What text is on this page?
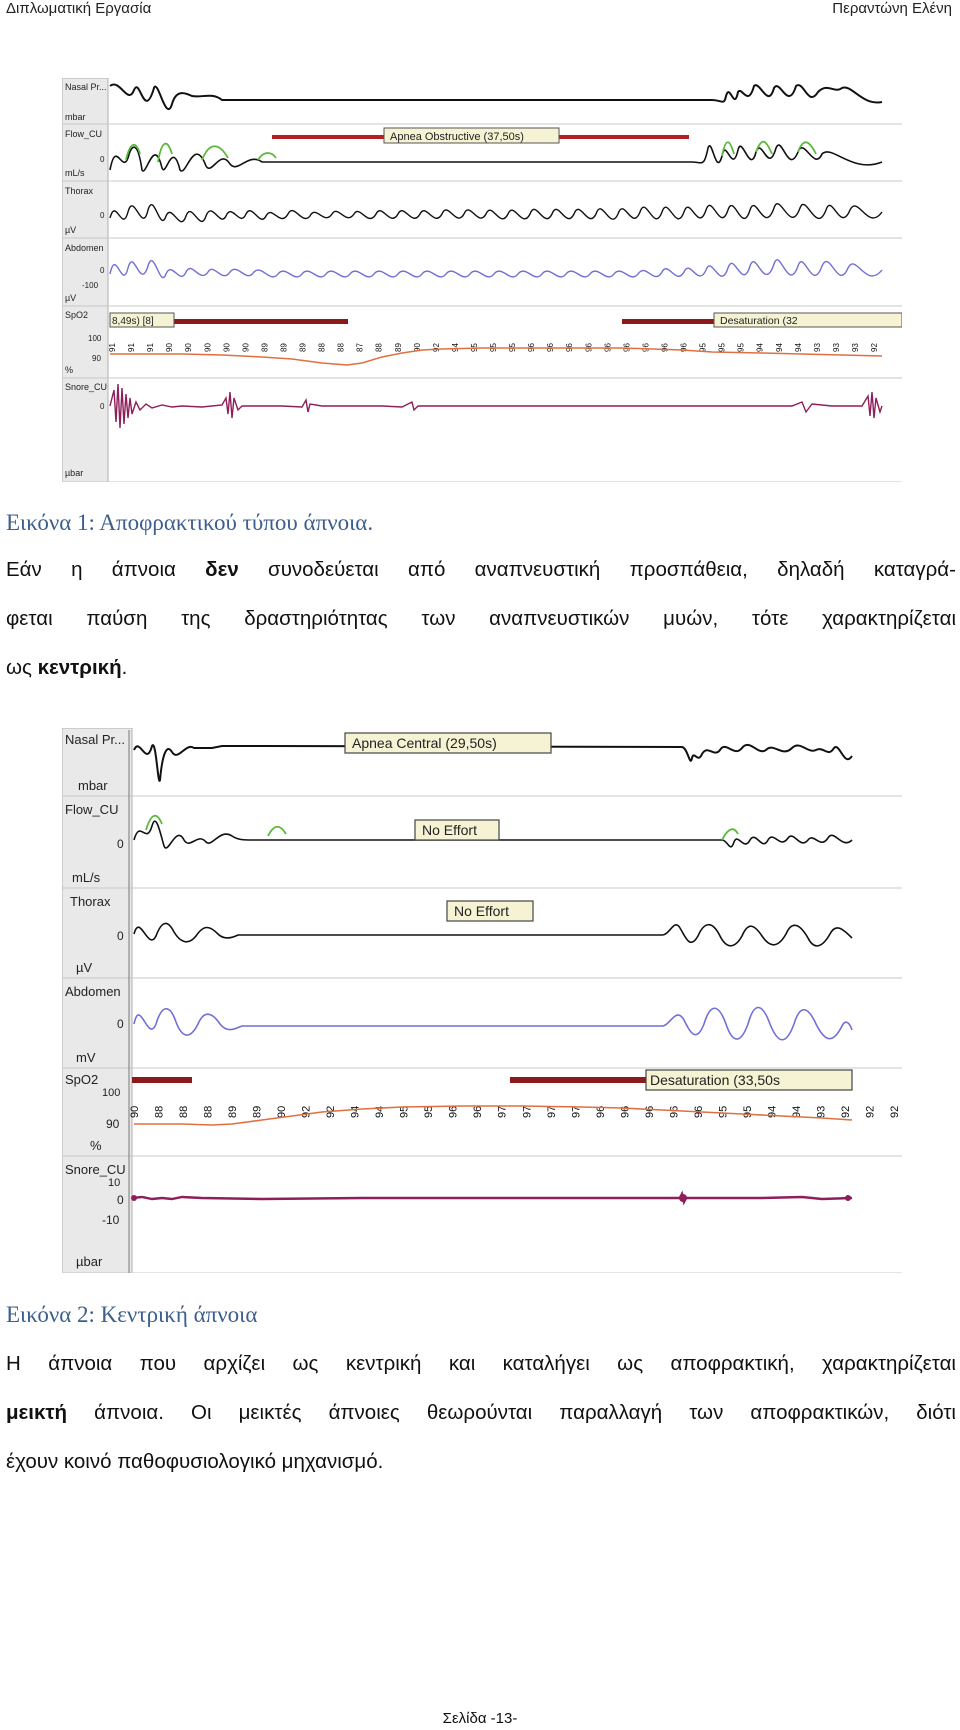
Διπλωματική Εργασία	Περαντώνη Ελένη
Nasal Pr...
mbar
Flow_CU
mL/s
Thorax
µV
Abdomen
µV
SpO2
%
Snore_CU
µbar
0
0
0
-100
100
90
0
Apnea Obstructive (37,50s)
8,49s) [8]	Desaturation (32
91 91 91 90 90 90 90 90 89 89 89 88 88 87 88 89 90 92 94 95 95 95 96 96 96 96 96 96 96 96 96 95 95 95 94 94 94 93 93 93 92
Εικόνα 1: Αποφρακτικού τύπου άπνοια.
Εάν η άπνοια δεν συνοδεύεται από αναπνευστική προσπάθεια, δηλαδή καταγρά-
φεται παύση της δραστηριότητας των αναπνευστικών μυών, τότε χαρακτηρίζεται
ως κεντρική.
Nasal Pr...
mbar
Flow_CU
mL/s
Thorax
µV
Abdomen
mV
SpO2
%
Snore_CU
µbar
0
0
0
100
90
10
0
-10
Apnea Central (29,50s)
No Effort
No Effort
Desaturation (33,50s
90 88 88 88 89 89 90 92 92 94 94 95 95 96 96 97 97 97 97 96 96 96 96 96 95 95 94 94 93 92 92 92
Εικόνα 2: Κεντρική άπνοια
Η άπνοια που αρχίζει ως κεντρική και καταλήγει ως αποφρακτική, χαρακτηρίζεται
μεικτή άπνοια. Οι μεικτές άπνοιες θεωρούνται παραλλαγή των αποφρακτικών, διότι
έχουν κοινό παθοφυσιολογικό μηχανισμό.
Σελίδα -13-
